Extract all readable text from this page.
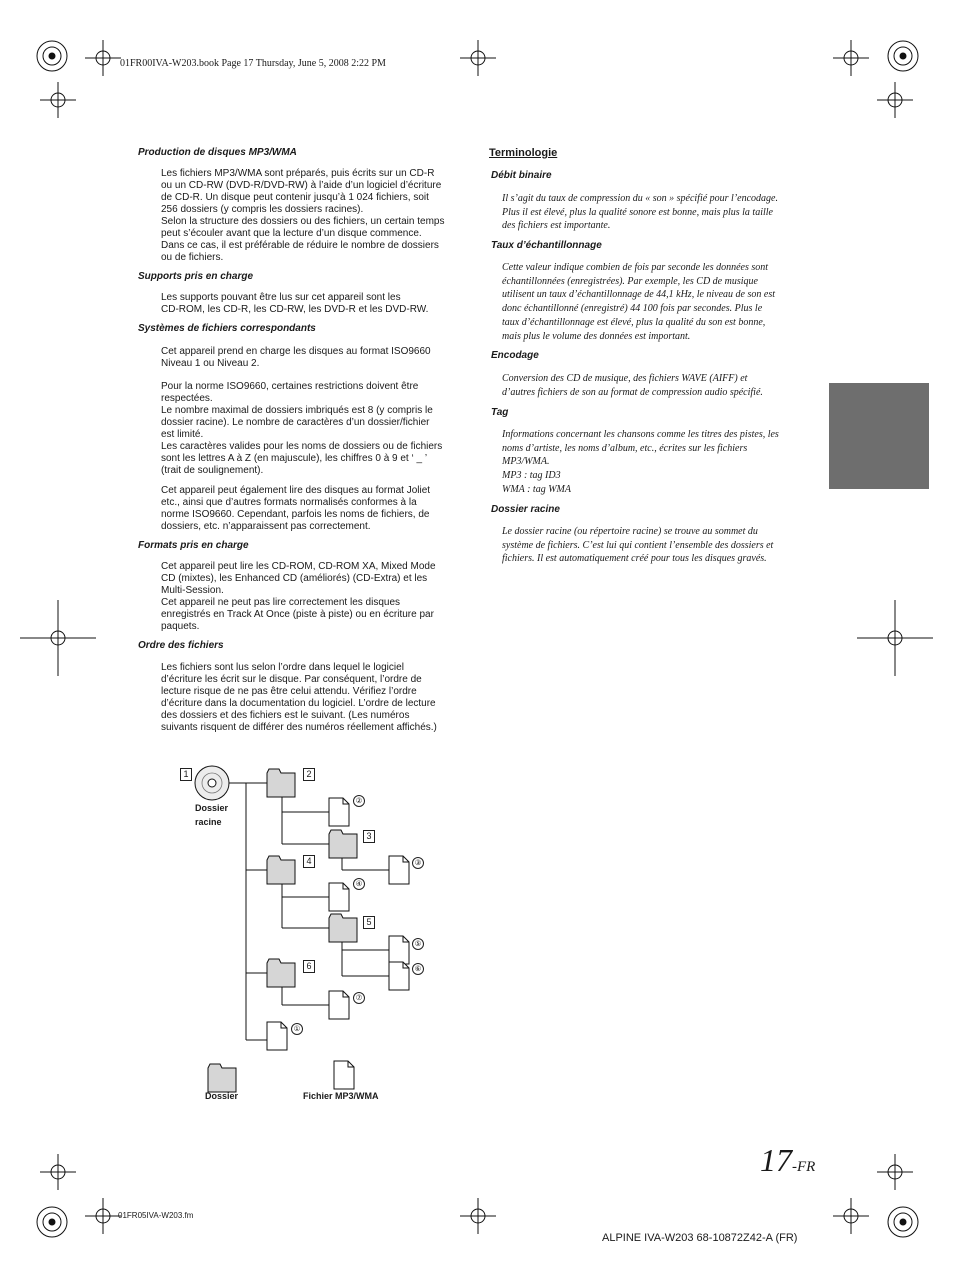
01FR00IVA-W203.book Page 17 Thursday, June 5, 2008 2:22 PM
Production de disques MP3/WMA
Les fichiers MP3/WMA sont préparés, puis écrits sur un CD-R
ou un CD-RW (DVD-R/DVD-RW) à l’aide d’un logiciel d’écriture
de CD-R. Un disque peut contenir jusqu’à 1 024 fichiers, soit
256 dossiers (y compris les dossiers racines).
Selon la structure des dossiers ou des fichiers, un certain temps
peut s’écouler avant que la lecture d’un disque commence.
Dans ce cas, il est préférable de réduire le nombre de dossiers
ou de fichiers.
Supports pris en charge
Les supports pouvant être lus sur cet appareil sont les
CD-ROM, les CD-R, les CD-RW, les DVD-R et les DVD-RW.
Systèmes de fichiers correspondants
Cet appareil prend en charge les disques au format ISO9660
Niveau 1 ou Niveau 2.
Pour la norme ISO9660, certaines restrictions doivent être
respectées.
Le nombre maximal de dossiers imbriqués est 8 (y compris le
dossier racine). Le nombre de caractères d’un dossier/fichier
est limité.
Les caractères valides pour les noms de dossiers ou de fichiers
sont les lettres A à Z (en majuscule), les chiffres 0 à 9 et ‘ _ ’
(trait de soulignement).
Cet appareil peut également lire des disques au format Joliet
etc., ainsi que d’autres formats normalisés conformes à la
norme ISO9660. Cependant, parfois les noms de fichiers, de
dossiers, etc. n’apparaissent pas correctement.
Formats pris en charge
Cet appareil peut lire les CD-ROM, CD-ROM XA, Mixed Mode
CD (mixtes), les Enhanced CD (améliorés) (CD-Extra) et les
Multi-Session.
Cet appareil ne peut pas lire correctement les disques
enregistrés en Track At Once (piste à piste) ou en écriture par
paquets.
Ordre des fichiers
Les fichiers sont lus selon l’ordre dans lequel le logiciel
d’écriture les écrit sur le disque. Par conséquent, l’ordre de
lecture risque de ne pas être celui attendu. Vérifiez l’ordre
d’écriture dans la documentation du logiciel. L’ordre de lecture
des dossiers et des fichiers est le suivant. (Les numéros
suivants risquent de différer des numéros réellement affichés.)
Terminologie
Débit binaire
Il s’agit du taux de compression du « son » spécifié pour l’encodage.
Plus il est élevé, plus la qualité sonore est bonne, mais plus la taille
des fichiers est importante.
Taux d’échantillonnage
Cette valeur indique combien de fois par seconde les données sont
échantillonnées (enregistrées). Par exemple, les CD de musique
utilisent un taux d’échantillonnage de 44,1 kHz, le niveau de son est
donc échantillonné (enregistré) 44 100 fois par secondes. Plus le
taux d’échantillonnage est élevé, plus la qualité du son est bonne,
mais plus le volume des données est important.
Encodage
Conversion des CD de musique, des fichiers WAVE (AIFF) et
d’autres fichiers de son au format de compression audio spécifié.
Tag
Informations concernant les chansons comme les titres des pistes, les
noms d’artiste, les noms d’album, etc., écrites sur les fichiers
MP3/WMA.
MP3 : tag ID3
WMA : tag WMA
Dossier racine
Le dossier racine (ou répertoire racine) se trouve au sommet du
système de fichiers. C’est lui qui contient l’ensemble des dossiers et
fichiers. Il est automatiquement créé pour tous les disques gravés.
1	2
3
4
5
6
Dossier
racine
②
③
④
⑤
⑥
⑦
①
Dossier	Fichier MP3/WMA
17-FR
01FR05IVA-W203.fm
ALPINE IVA-W203 68-10872Z42-A (FR)
